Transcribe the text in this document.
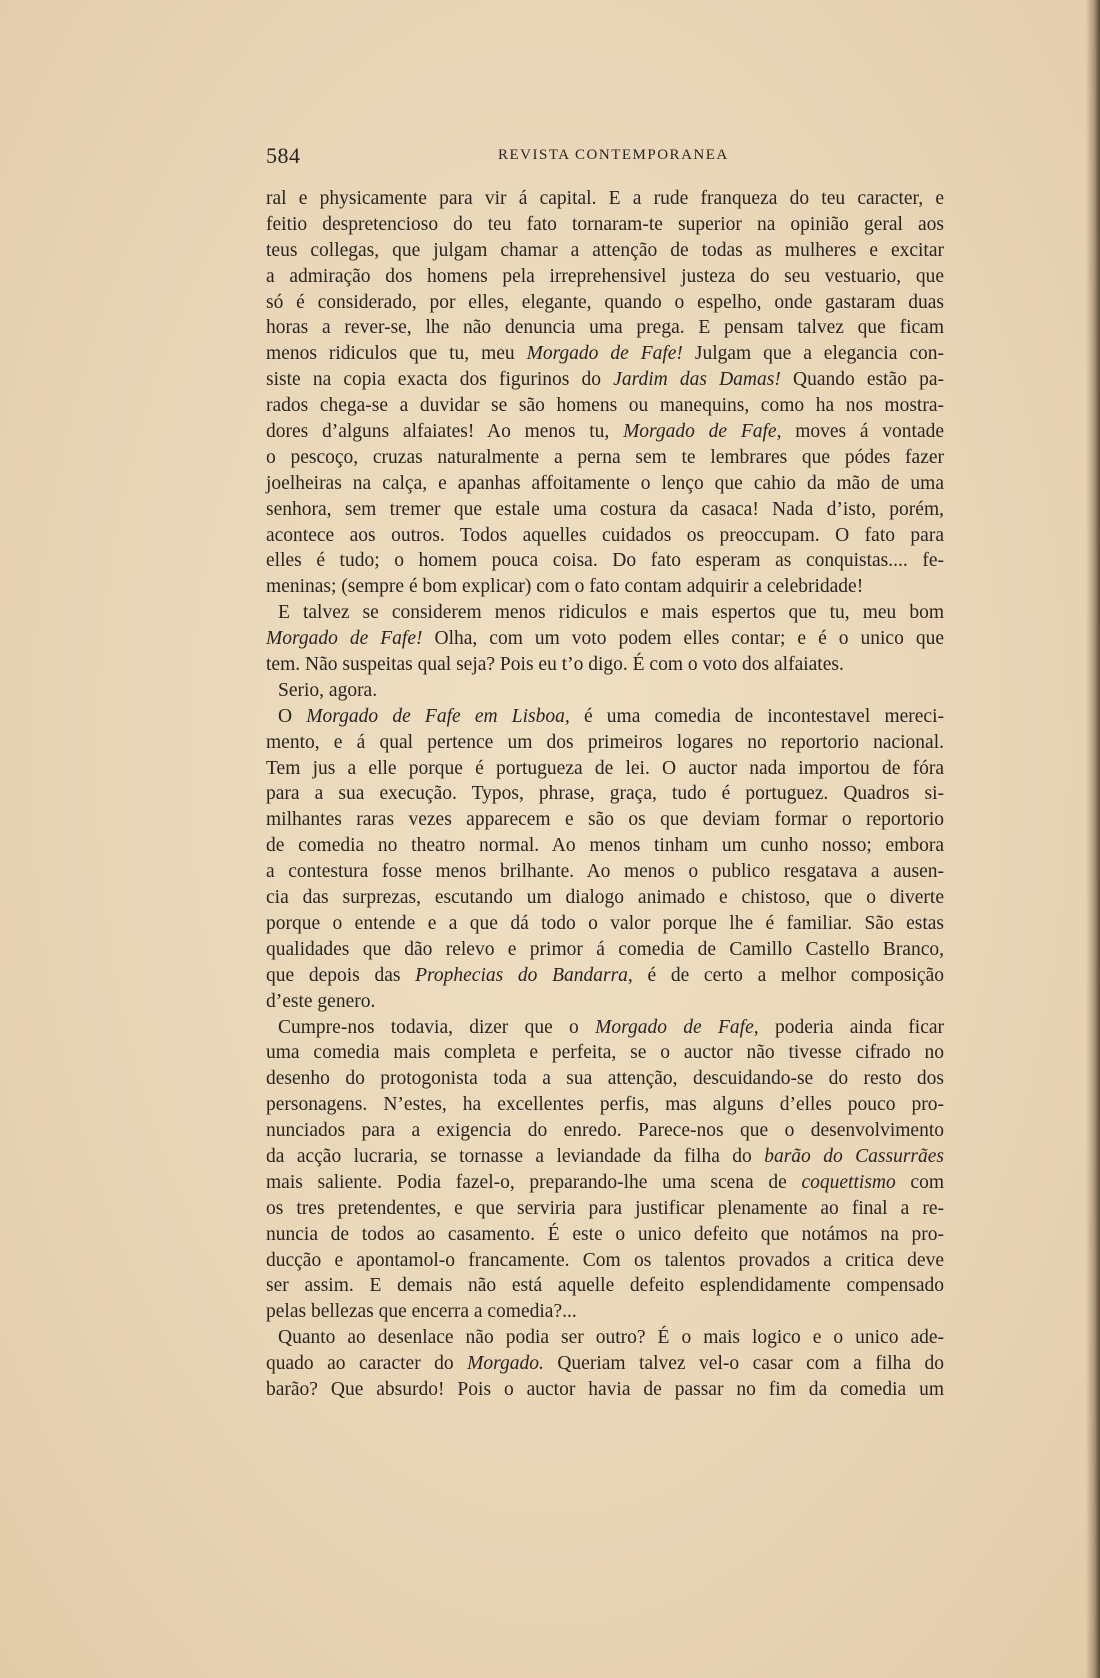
584	REVISTA CONTEMPORANEA
ral e physicamente para vir á capital. E a rude franqueza do teu caracter, e
feitio despretencioso do teu fato tornaram-te superior na opinião geral aos
teus collegas, que julgam chamar a attenção de todas as mulheres e excitar
a admiração dos homens pela irreprehensivel justeza do seu vestuario, que
só é considerado, por elles, elegante, quando o espelho, onde gastaram duas
horas a rever-se, lhe não denuncia uma prega. E pensam talvez que ficam
menos ridiculos que tu, meu Morgado de Fafe! Julgam que a elegancia con-
siste na copia exacta dos figurinos do Jardim das Damas! Quando estão pa-
rados chega-se a duvidar se são homens ou manequins, como ha nos mostra-
dores d’alguns alfaiates! Ao menos tu, Morgado de Fafe, moves á vontade
o pescoço, cruzas naturalmente a perna sem te lembrares que pódes fazer
joelheiras na calça, e apanhas affoitamente o lenço que cahio da mão de uma
senhora, sem tremer que estale uma costura da casaca! Nada d’isto, porém,
acontece aos outros. Todos aquelles cuidados os preoccupam. O fato para
elles é tudo; o homem pouca coisa. Do fato esperam as conquistas.... fe-
meninas; (sempre é bom explicar) com o fato contam adquirir a celebridade!
E talvez se considerem menos ridiculos e mais espertos que tu, meu bom
Morgado de Fafe! Olha, com um voto podem elles contar; e é o unico que
tem. Não suspeitas qual seja? Pois eu t’o digo. É com o voto dos alfaiates.
Serio, agora.
O Morgado de Fafe em Lisboa, é uma comedia de incontestavel mereci-
mento, e á qual pertence um dos primeiros logares no reportorio nacional.
Tem jus a elle porque é portugueza de lei. O auctor nada importou de fóra
para a sua execução. Typos, phrase, graça, tudo é portuguez. Quadros si-
milhantes raras vezes apparecem e são os que deviam formar o reportorio
de comedia no theatro normal. Ao menos tinham um cunho nosso; embora
a contestura fosse menos brilhante. Ao menos o publico resgatava a ausen-
cia das surprezas, escutando um dialogo animado e chistoso, que o diverte
porque o entende e a que dá todo o valor porque lhe é familiar. São estas
qualidades que dão relevo e primor á comedia de Camillo Castello Branco,
que depois das Prophecias do Bandarra, é de certo a melhor composição
d’este genero.
Cumpre-nos todavia, dizer que o Morgado de Fafe, poderia ainda ficar
uma comedia mais completa e perfeita, se o auctor não tivesse cifrado no
desenho do protogonista toda a sua attenção, descuidando-se do resto dos
personagens. N’estes, ha excellentes perfis, mas alguns d’elles pouco pro-
nunciados para a exigencia do enredo. Parece-nos que o desenvolvimento
da acção lucraria, se tornasse a leviandade da filha do barão do Cassurrães
mais saliente. Podia fazel-o, preparando-lhe uma scena de coquettismo com
os tres pretendentes, e que serviria para justificar plenamente ao final a re-
nuncia de todos ao casamento. É este o unico defeito que notámos na pro-
ducção e apontamol-o francamente. Com os talentos provados a critica deve
ser assim. E demais não está aquelle defeito esplendidamente compensado
pelas bellezas que encerra a comedia?...
Quanto ao desenlace não podia ser outro? É o mais logico e o unico ade-
quado ao caracter do Morgado. Queriam talvez vel-o casar com a filha do
barão? Que absurdo! Pois o auctor havia de passar no fim da comedia um
